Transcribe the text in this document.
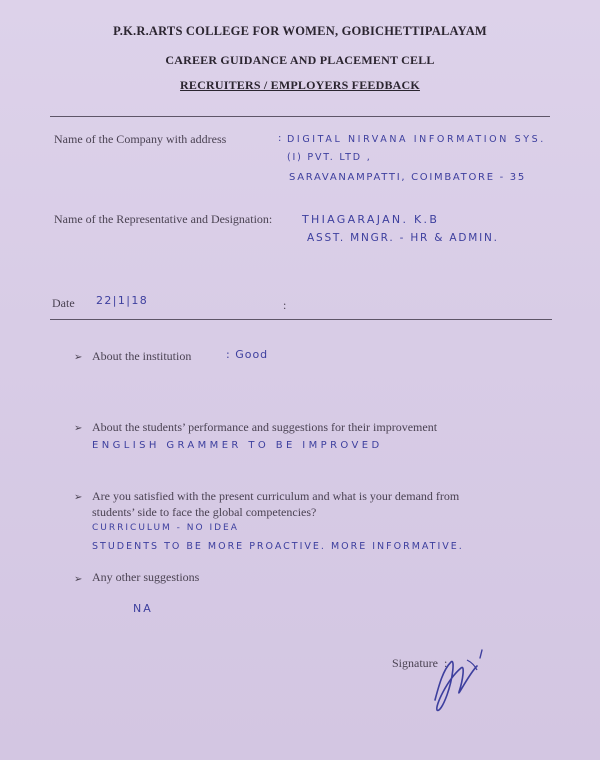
P.K.R.ARTS COLLEGE FOR WOMEN, GOBICHETTIPALAYAM
CAREER GUIDANCE AND PLACEMENT CELL
RECRUITERS / EMPLOYERS FEEDBACK
Name of the Company with address	: DIGITAL NIRVANA INFORMATION SYS.
(I) PVT. LTD ,
SARAVANAMPATTI, COIMBATORE - 35
Name of the Representative and Designation:	THIAGARAJAN. K.B
ASST. MNGR. - HR & ADMIN.
Date 22|1|18	:
➢ About the institution	: Good
➢ About the students’ performance and suggestions for their improvement
ENGLISH GRAMMER TO BE IMPROVED
➢ Are you satisfied with the present curriculum and what is your demand from
students’ side to face the global competencies?
CURRICULUM - NO IDEA
STUDENTS TO BE MORE PROACTIVE. MORE INFORMATIVE.
➢ Any other suggestions
NA
Signature :
